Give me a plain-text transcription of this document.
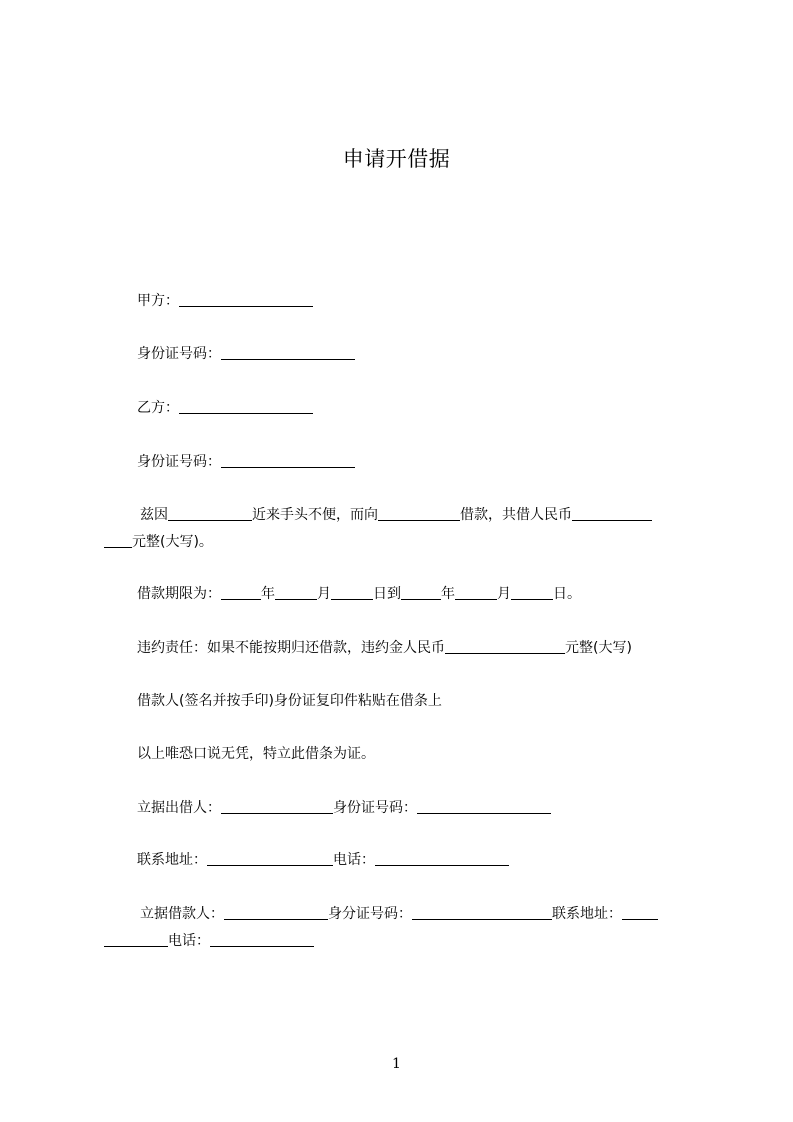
申请开借据
甲方：
身份证号码：
乙方：
身份证号码：
兹因	近来手头不便，而向	借款，共借人民币
元整(大写)。
借款期限为：	年	月	日到	年	月	日。
违约责任：如果不能按期归还借款，违约金人民币	元整(大写)
借款人(签名并按手印)身份证复印件粘贴在借条上
以上唯恐口说无凭，特立此借条为证。
立据出借人：	身份证号码：
联系地址：	电话：
立据借款人：	身分证号码：	联系地址：
电话：
1
